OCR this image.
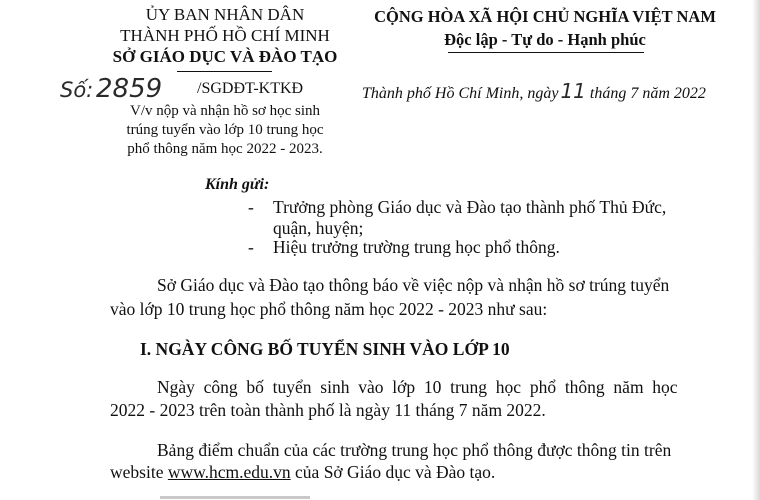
ỦY BAN NHÂN DÂN
THÀNH PHỐ HỒ CHÍ MINH
SỞ GIÁO DỤC VÀ ĐÀO TẠO
Số: 2859 /SGDĐT-KTKĐ
V/v nộp và nhận hồ sơ học sinh
trúng tuyển vào lớp 10 trung học
phổ thông năm học 2022 - 2023.
CỘNG HÒA XÃ HỘI CHỦ NGHĨA VIỆT NAM
Độc lập - Tự do - Hạnh phúc
Thành phố Hồ Chí Minh, ngày 11 tháng 7 năm 2022
Kính gửi:
- Trưởng phòng Giáo dục và Đào tạo thành phố Thủ Đức,
quận, huyện;
- Hiệu trưởng trường trung học phổ thông.
Sở Giáo dục và Đào tạo thông báo về việc nộp và nhận hồ sơ trúng tuyển
vào lớp 10 trung học phổ thông năm học 2022 - 2023 như sau:
I. NGÀY CÔNG BỐ TUYỂN SINH VÀO LỚP 10
Ngày  công  bố  tuyển  sinh  vào  lớp  10  trung  học  phổ  thông  năm  học
2022 - 2023 trên toàn thành phố là ngày 11 tháng 7 năm 2022.
Bảng điểm chuẩn của các trường trung học phổ thông được thông tin trên
website www.hcm.edu.vn của Sở Giáo dục và Đào tạo.
